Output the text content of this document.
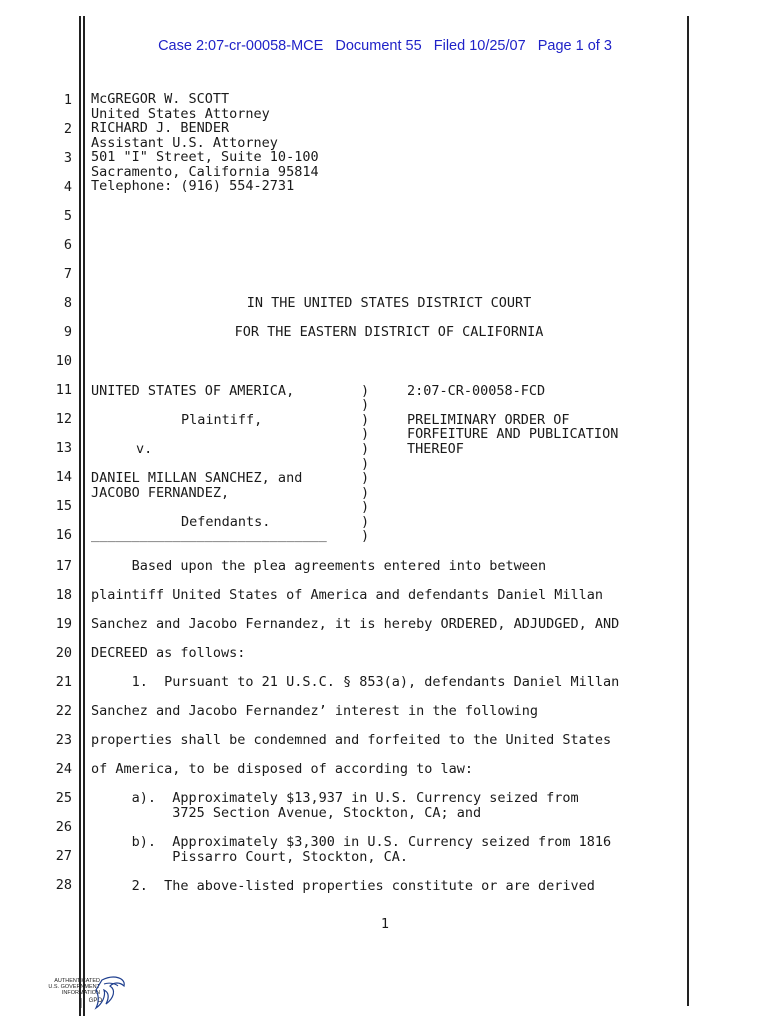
Case 2:07-cr-00058-MCE Document 55 Filed 10/25/07 Page 1 of 3
1
2
3
4
5
6
7
8
9
10
11
12
13
14
15
16
17
18
19
20
21
22
23
24
25
26
27
28
McGREGOR W. SCOTT
United States Attorney
RICHARD J. BENDER
Assistant U.S. Attorney
501 "I" Street, Suite 10-100
Sacramento, California 95814
Telephone: (916) 554-2731
IN THE UNITED STATES DISTRICT COURT
FOR THE EASTERN DISTRICT OF CALIFORNIA
UNITED STATES OF AMERICA,
Plaintiff,
v.
DANIEL MILLAN SANCHEZ, and
JACOBO FERNANDEZ,
Defendants.
_____________________________
)
)
)
)
)
)
)
)
)
)
)
2:07-CR-00058-FCD
PRELIMINARY ORDER OF
FORFEITURE AND PUBLICATION
THEREOF
Based upon the plea agreements entered into between
plaintiff United States of America and defendants Daniel Millan
Sanchez and Jacobo Fernandez, it is hereby ORDERED, ADJUDGED, AND
DECREED as follows:
1.  Pursuant to 21 U.S.C. § 853(a), defendants Daniel Millan
Sanchez and Jacobo Fernandez’ interest in the following
properties shall be condemned and forfeited to the United States
of America, to be disposed of according to law:
a).  Approximately $13,937 in U.S. Currency seized from
3725 Section Avenue, Stockton, CA; and
b).  Approximately $3,300 in U.S. Currency seized from 1816
Pissarro Court, Stockton, CA.
2.  The above-listed properties constitute or are derived
1
AUTHENTICATED
U.S. GOVERNMENT
INFORMATION
GPO
